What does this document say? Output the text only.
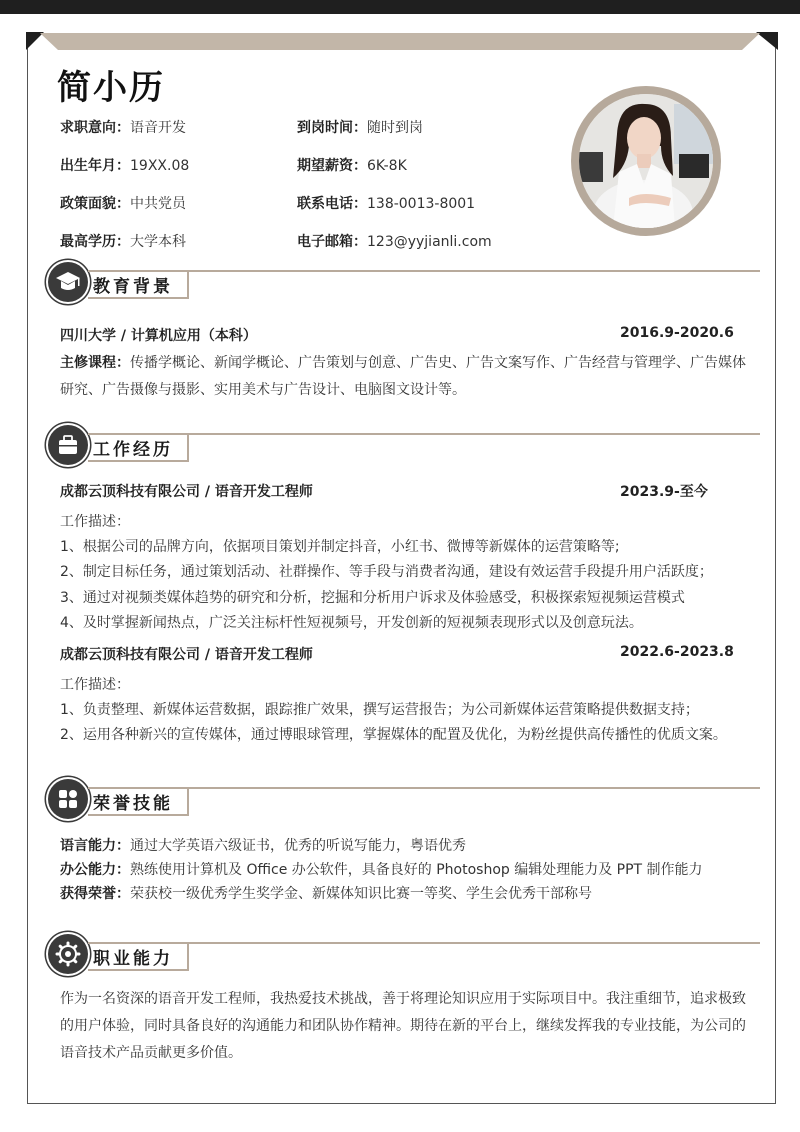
简小历
求职意向：语音开发	到岗时间：随时到岗
出生年月：19XX.08	期望薪资：6K-8K
政策面貌：中共党员	联系电话：138-0013-8001
最高学历：大学本科	电子邮箱：123@yyjianli.com
教育背景
四川大学 / 计算机应用（本科）	2016.9-2020.6
主修课程：传播学概论、新闻学概论、广告策划与创意、广告史、广告文案写作、广告经营与管理学、广告媒体研究、广告摄像与摄影、实用美术与广告设计、电脑图文设计等。
工作经历
成都云顶科技有限公司 / 语音开发工程师	2023.9-至今
工作描述：
1、根据公司的品牌方向，依据项目策划并制定抖音，小红书、微博等新媒体的运营策略等;
2、制定目标任务，通过策划活动、社群操作、等手段与消费者沟通，建设有效运营手段提升用户活跃度；
3、通过对视频类媒体趋势的研究和分析，挖掘和分析用户诉求及体验感受，积极探索短视频运营模式
4、及时掌握新闻热点，广泛关注标杆性短视频号，开发创新的短视频表现形式以及创意玩法。
成都云顶科技有限公司 / 语音开发工程师	2022.6-2023.8
工作描述：
1、负责整理、新媒体运营数据，跟踪推广效果，撰写运营报告；为公司新媒体运营策略提供数据支持；
2、运用各种新兴的宣传媒体，通过博眼球管理，掌握媒体的配置及优化，为粉丝提供高传播性的优质文案。
荣誉技能
语言能力：通过大学英语六级证书，优秀的听说写能力，粤语优秀
办公能力：熟练使用计算机及 Office 办公软件，具备良好的 Photoshop 编辑处理能力及 PPT 制作能力
获得荣誉：荣获校一级优秀学生奖学金、新媒体知识比赛一等奖、学生会优秀干部称号
职业能力
作为一名资深的语音开发工程师，我热爱技术挑战，善于将理论知识应用于实际项目中。我注重细节，追求极致的用户体验，同时具备良好的沟通能力和团队协作精神。期待在新的平台上，继续发挥我的专业技能，为公司的语音技术产品贡献更多价值。
